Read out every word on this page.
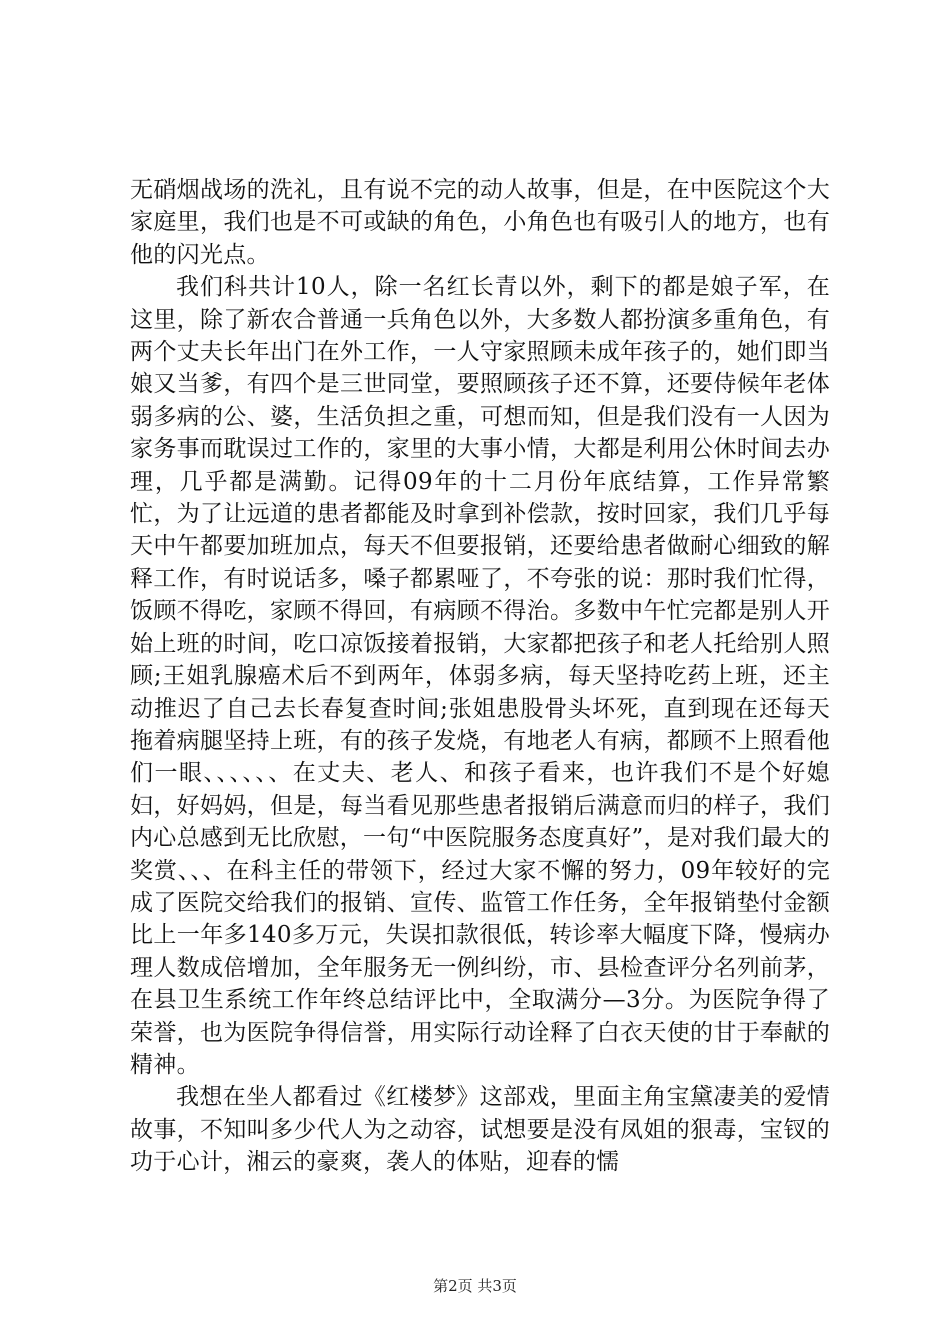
无硝烟战场的洗礼，且有说不完的动人故事，但是，在中医院这个大家庭里，我们也是不可或缺的角色，小角色也有吸引人的地方，也有他的闪光点。

我们科共计10人，除一名红长青以外，剩下的都是娘子军，在这里，除了新农合普通一兵角色以外，大多数人都扮演多重角色，有两个丈夫长年出门在外工作，一人守家照顾未成年孩子的，她们即当娘又当爹，有四个是三世同堂，要照顾孩子还不算，还要侍候年老体弱多病的公、婆，生活负担之重，可想而知，但是我们没有一人因为家务事而耽误过工作的，家里的大事小情，大都是利用公休时间去办理，几乎都是满勤。记得09年的十二月份年底结算，工作异常繁忙，为了让远道的患者都能及时拿到补偿款，按时回家，我们几乎每天中午都要加班加点，每天不但要报销，还要给患者做耐心细致的解释工作，有时说话多，嗓子都累哑了，不夸张的说：那时我们忙得，饭顾不得吃，家顾不得回，有病顾不得治。多数中午忙完都是别人开始上班的时间，吃口凉饭接着报销，大家都把孩子和老人托给别人照顾;王姐乳腺癌术后不到两年，体弱多病，每天坚持吃药上班，还主动推迟了自己去长春复查时间;张姐患股骨头坏死，直到现在还每天拖着病腿坚持上班，有的孩子发烧，有地老人有病，都顾不上照看他们一眼、、、、、、在丈夫、老人、和孩子看来，也许我们不是个好媳妇，好妈妈，但是，每当看见那些患者报销后满意而归的样子，我们内心总感到无比欣慰，一句“中医院服务态度真好”，是对我们最大的奖赏、、、在科主任的带领下，经过大家不懈的努力，09年较好的完成了医院交给我们的报销、宣传、监管工作任务，全年报销垫付金额比上一年多140多万元，失误扣款很低，转诊率大幅度下降，慢病办理人数成倍增加，全年服务无一例纠纷，市、县检查评分名列前茅，在县卫生系统工作年终总结评比中，全取满分—3分。为医院争得了荣誉，也为医院争得信誉，用实际行动诠释了白衣天使的甘于奉献的精神。

我想在坐人都看过《红楼梦》这部戏，里面主角宝黛凄美的爱情故事，不知叫多少代人为之动容，试想要是没有凤姐的狠毒，宝钗的功于心计，湘云的豪爽，袭人的体贴，迎春的懦

第2页 共3页
